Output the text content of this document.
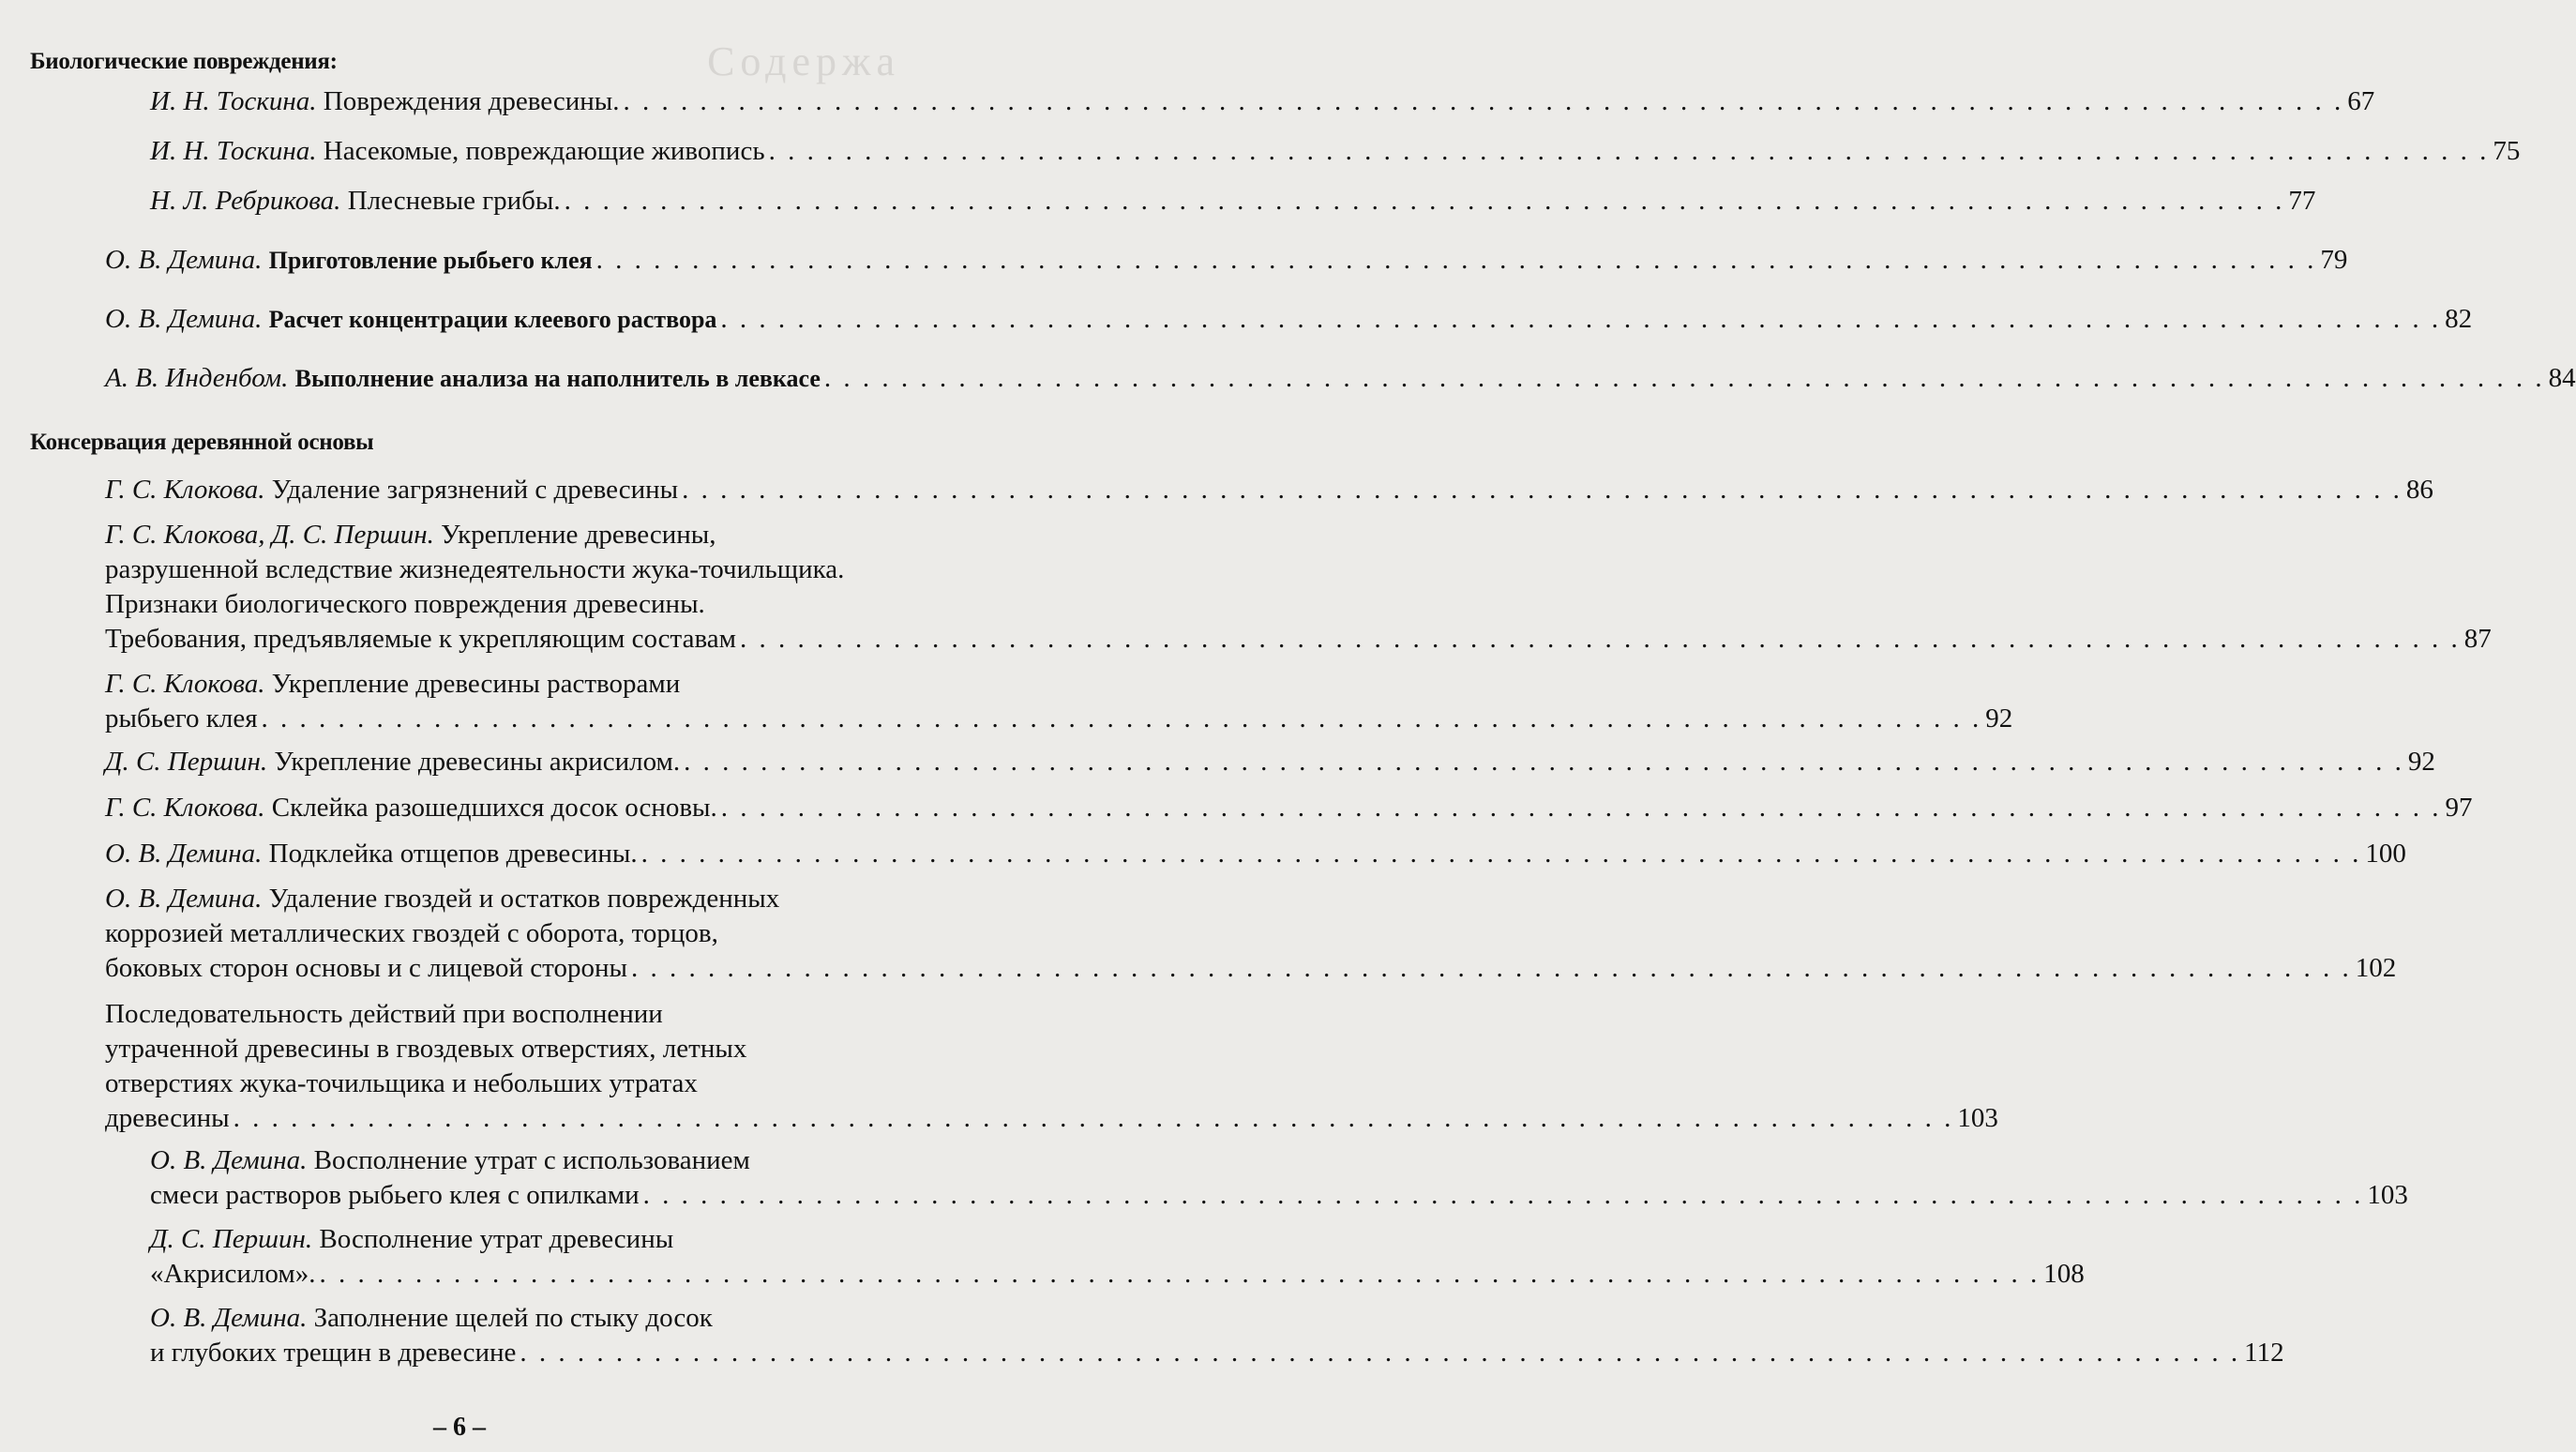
Содержа
Биологические повреждения:
И. Н. Тоскина. Повреждения древесины. . . .	67
И. Н. Тоскина. Насекомые, повреждающие живопись . . .	75
Н. Л. Ребрикова. Плесневые грибы. . . .	77
О. В. Демина. Приготовление рыбьего клея . . .	79
О. В. Демина. Расчет концентрации клеевого раствора . . .	82
А. В. Инденбом. Выполнение анализа на наполнитель в левкасе . . .	84
Консервация деревянной основы
Г. С. Клокова. Удаление загрязнений с древесины . . .	86
Г. С. Клокова, Д. С. Першин. Укрепление древесины,
разрушенной вследствие жизнедеятельности жука-точильщика.
Признаки биологического повреждения древесины.
Требования, предъявляемые к укрепляющим составам . . .	87
Г. С. Клокова. Укрепление древесины растворами
рыбьего клея . . .	92
Д. С. Першин. Укрепление древесины акрисилом. . . .	92
Г. С. Клокова. Склейка разошедшихся досок основы. . . .	97
О. В. Демина. Подклейка отщепов древесины. . . .	100
О. В. Демина. Удаление гвоздей и остатков поврежденных
коррозией металлических гвоздей с оборота, торцов,
боковых сторон основы и с лицевой стороны . . .	102
Последовательность действий при восполнении
утраченной древесины в гвоздевых отверстиях, летных
отверстиях жука-точильщика и небольших утратах
древесины . . .	103
О. В. Демина. Восполнение утрат с использованием
смеси растворов рыбьего клея с опилками . . .	103
Д. С. Першин. Восполнение утрат древесины
«Акрисилом». . . .	108
О. В. Демина. Заполнение щелей по стыку досок
и глубоких трещин в древесине . . .	112
– 6 –
